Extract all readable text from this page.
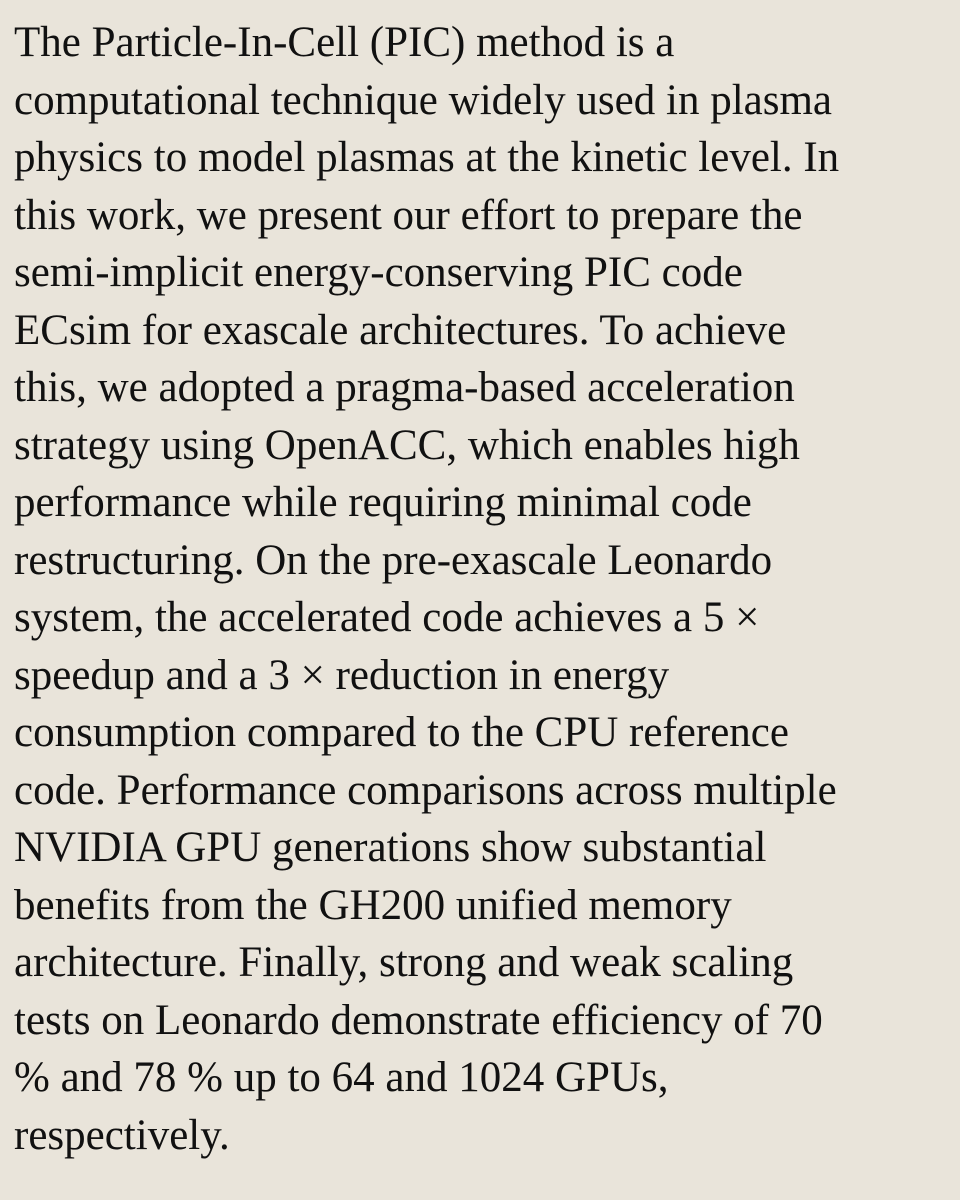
The Particle-In-Cell (PIC) method is a
computational technique widely used in plasma
physics to model plasmas at the kinetic level. In
this work, we present our effort to prepare the
semi-implicit energy-conserving PIC code
ECsim for exascale architectures. To achieve
this, we adopted a pragma-based acceleration
strategy using OpenACC, which enables high
performance while requiring minimal code
restructuring. On the pre-exascale Leonardo
system, the accelerated code achieves a 5 ×
speedup and a 3 × reduction in energy
consumption compared to the CPU reference
code. Performance comparisons across multiple
NVIDIA GPU generations show substantial
benefits from the GH200 unified memory
architecture. Finally, strong and weak scaling
tests on Leonardo demonstrate efficiency of 70
% and 78 % up to 64 and 1024 GPUs,
respectively.
